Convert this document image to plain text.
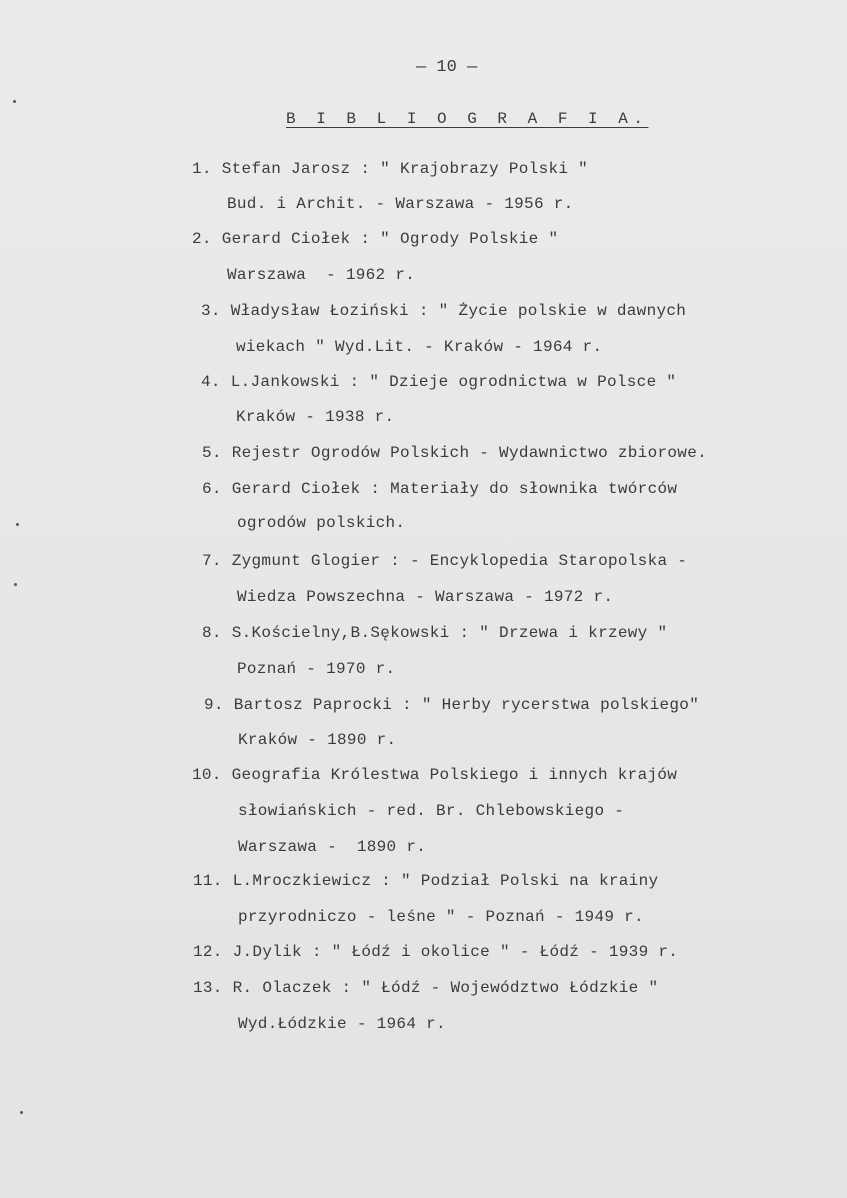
— 10 —
B I B L I O G R A F I A.
1. Stefan Jarosz : " Krajobrazy Polski "
Bud. i Archit. - Warszawa - 1956 r.
2. Gerard Ciołek : " Ogrody Polskie "
Warszawa  - 1962 r.
3. Władysław Łoziński : " Życie polskie w dawnych
wiekach " Wyd.Lit. - Kraków - 1964 r.
4. L.Jankowski : " Dzieje ogrodnictwa w Polsce "
Kraków - 1938 r.
5. Rejestr Ogrodów Polskich - Wydawnictwo zbiorowe.
6. Gerard Ciołek : Materiały do słownika twórców
ogrodów polskich.
7. Zygmunt Glogier : - Encyklopedia Staropolska -
Wiedza Powszechna - Warszawa - 1972 r.
8. S.Kościelny,B.Sękowski : " Drzewa i krzewy "
Poznań - 1970 r.
9. Bartosz Paprocki : " Herby rycerstwa polskiego"
Kraków - 1890 r.
10. Geografia Królestwa Polskiego i innych krajów
słowiańskich - red. Br. Chlebowskiego -
Warszawa -  1890 r.
11. L.Mroczkiewicz : " Podział Polski na krainy
przyrodniczo - leśne " - Poznań - 1949 r.
12. J.Dylik : " Łódź i okolice " - Łódź - 1939 r.
13. R. Olaczek : " Łódź - Województwo Łódzkie "
Wyd.Łódzkie - 1964 r.
